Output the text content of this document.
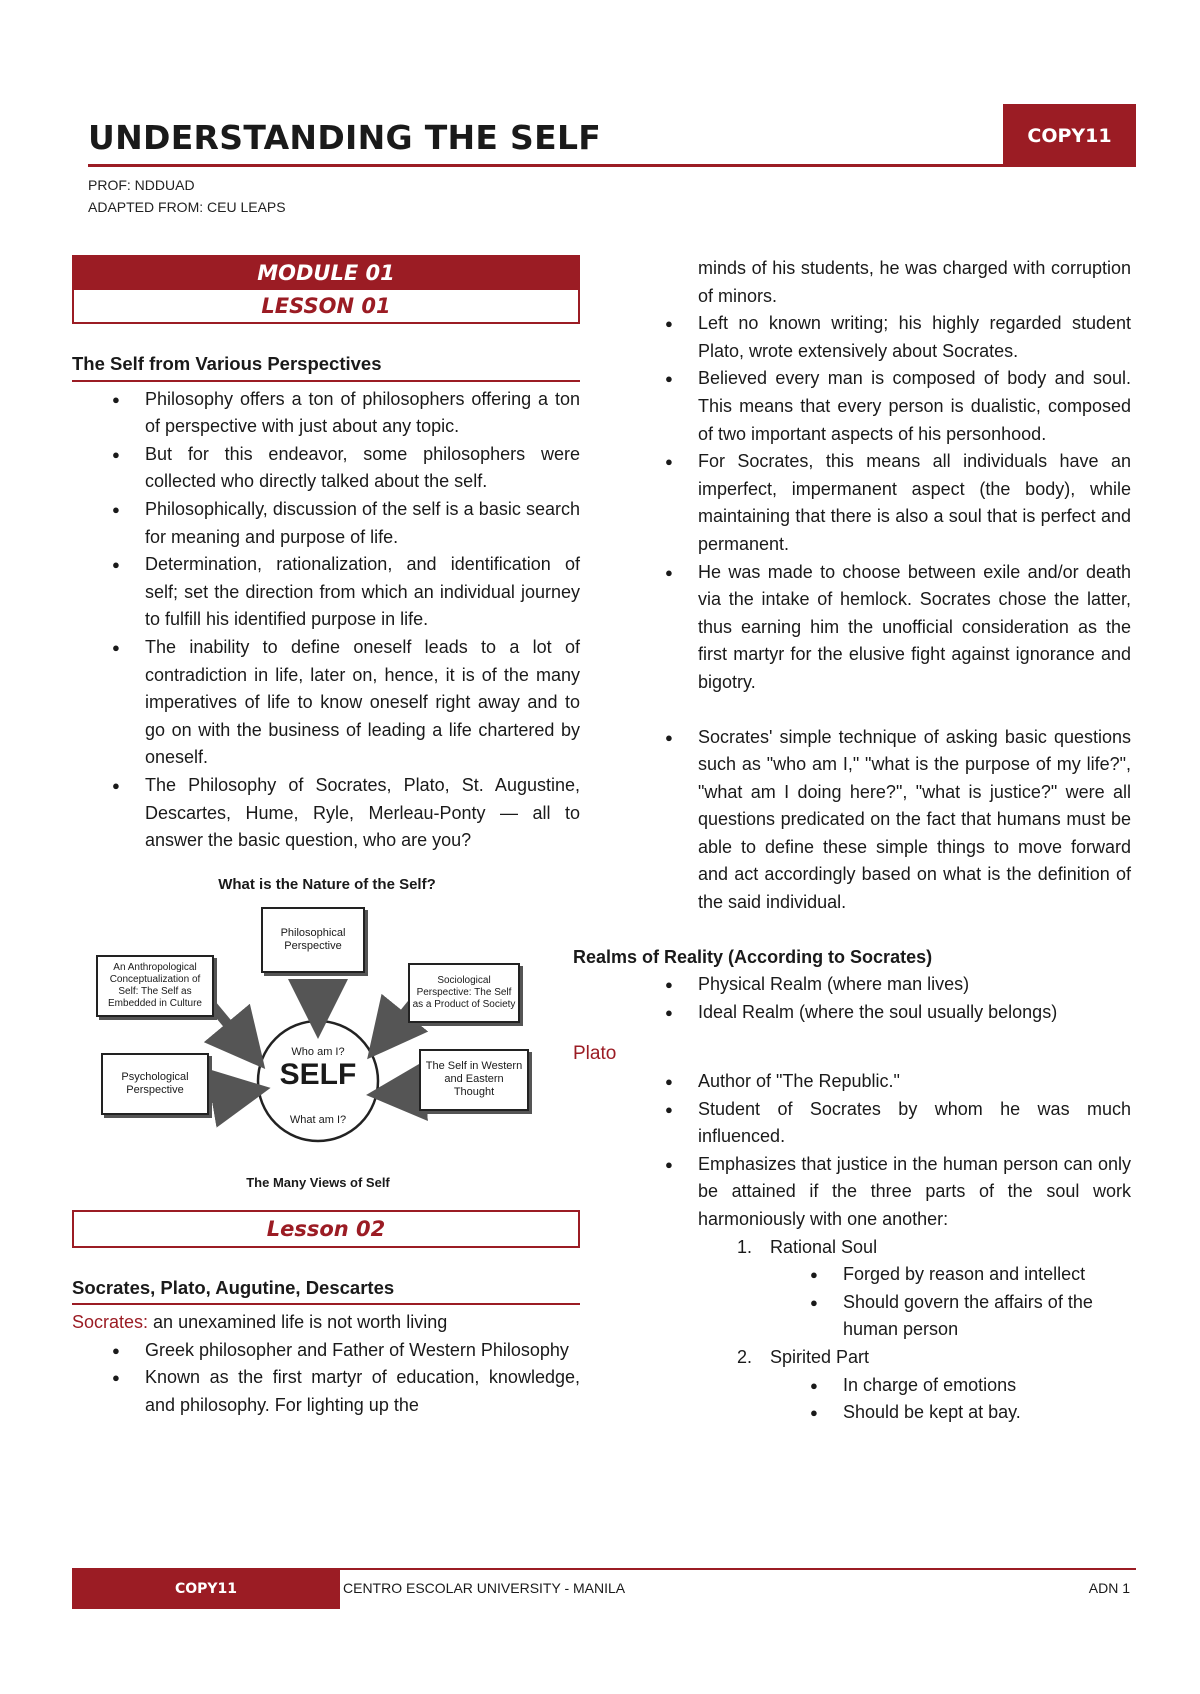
UNDERSTANDING THE SELF	COPY11
PROF: NDDUAD
ADAPTED FROM: CEU LEAPS
MODULE 01
LESSON 01
The Self from Various Perspectives
● Philosophy offers a ton of philosophers offering a ton of perspective with just about any topic.
● But for this endeavor, some philosophers were collected who directly talked about the self.
● Philosophically, discussion of the self is a basic search for meaning and purpose of life.
● Determination, rationalization, and identification of self; set the direction from which an individual journey to fulfill his identified purpose in life.
● The inability to define oneself leads to a lot of contradiction in life, later on, hence, it is of the many imperatives of life to know oneself right away and to go on with the business of leading a life chartered by oneself.
● The Philosophy of Socrates, Plato, St. Augustine, Descartes, Hume, Ryle, Merleau-Ponty — all to answer the basic question, who are you?
What is the Nature of the Self?
Philosophical Perspective
An Anthropological Conceptualization of Self: The Self as Embedded in Culture
Sociological Perspective: The Self as a Product of Society
Psychological Perspective
The Self in Western and Eastern Thought
Who am I?
SELF
What am I?
The Many Views of Self
Lesson 02
Socrates, Plato, Augutine, Descartes
Socrates: an unexamined life is not worth living
● Greek philosopher and Father of Western Philosophy
● Known as the first martyr of education, knowledge, and philosophy. For lighting up the
minds of his students, he was charged with corruption of minors.
● Left no known writing; his highly regarded student Plato, wrote extensively about Socrates.
● Believed every man is composed of body and soul. This means that every person is dualistic, composed of two important aspects of his personhood.
● For Socrates, this means all individuals have an imperfect, impermanent aspect (the body), while maintaining that there is also a soul that is perfect and permanent.
● He was made to choose between exile and/or death via the intake of hemlock. Socrates chose the latter, thus earning him the unofficial consideration as the first martyr for the elusive fight against ignorance and bigotry.
● Socrates' simple technique of asking basic questions such as "who am I," "what is the purpose of my life?", "what am I doing here?", "what is justice?" were all questions predicated on the fact that humans must be able to define these simple things to move forward and act accordingly based on what is the definition of the said individual.
Realms of Reality (According to Socrates)
● Physical Realm (where man lives)
● Ideal Realm (where the soul usually belongs)
Plato
● Author of "The Republic."
● Student of Socrates by whom he was much influenced.
● Emphasizes that justice in the human person can only be attained if the three parts of the soul work harmoniously with one another:
1. Rational Soul
● Forged by reason and intellect
● Should govern the affairs of the human person
2. Spirited Part
● In charge of emotions
● Should be kept at bay.
COPY11	CENTRO ESCOLAR UNIVERSITY - MANILA	ADN 1
